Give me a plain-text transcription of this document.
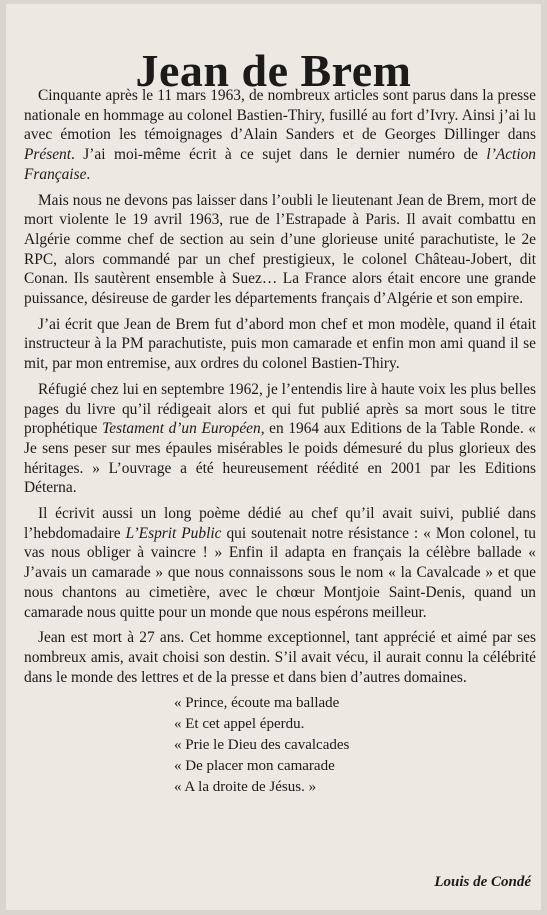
Jean de Brem

Cinquante après le 11 mars 1963, de nombreux articles sont parus dans la presse nationale en hommage au colonel Bastien-Thiry, fusillé au fort d’Ivry. Ainsi j’ai lu avec émotion les témoignages d’Alain Sanders et de Georges Dillinger dans Présent. J’ai moi-même écrit à ce sujet dans le dernier numéro de l’Action Française.

Mais nous ne devons pas laisser dans l’oubli le lieutenant Jean de Brem, mort de mort violente le 19 avril 1963, rue de l’Estrapade à Paris. Il avait combattu en Algérie comme chef de section au sein d’une glorieuse unité parachutiste, le 2e RPC, alors commandé par un chef prestigieux, le colonel Château-Jobert, dit Conan. Ils sautèrent ensemble à Suez… La France alors était encore une grande puissance, désireuse de garder les départements français d’Algérie et son empire.

J’ai écrit que Jean de Brem fut d’abord mon chef et mon modèle, quand il était instructeur à la PM parachutiste, puis mon camarade et enfin mon ami quand il se mit, par mon entremise, aux ordres du colonel Bastien-Thiry.

Réfugié chez lui en septembre 1962, je l’entendis lire à haute voix les plus belles pages du livre qu’il rédigeait alors et qui fut publié après sa mort sous le titre prophétique Testament d’un Européen, en 1964 aux Editions de la Table Ronde. « Je sens peser sur mes épaules misérables le poids démesuré du plus glorieux des héritages. » L’ouvrage a été heureusement réédité en 2001 par les Editions Déterna.

Il écrivit aussi un long poème dédié au chef qu’il avait suivi, publié dans l’hebdomadaire L’Esprit Public qui soutenait notre résistance : « Mon colonel, tu vas nous obliger à vaincre ! » Enfin il adapta en français la célèbre ballade « J’avais un camarade » que nous connaissons sous le nom « la Cavalcade » et que nous chantons au cimetière, avec le chœur Montjoie Saint-Denis, quand un camarade nous quitte pour un monde que nous espérons meilleur.

Jean est mort à 27 ans. Cet homme exceptionnel, tant apprécié et aimé par ses nombreux amis, avait choisi son destin. S’il avait vécu, il aurait connu la célébrité dans le monde des lettres et de la presse et dans bien d’autres domaines.

« Prince, écoute ma ballade
« Et cet appel éperdu.
« Prie le Dieu des cavalcades
« De placer mon camarade
« A la droite de Jésus. »
Louis de Condé
